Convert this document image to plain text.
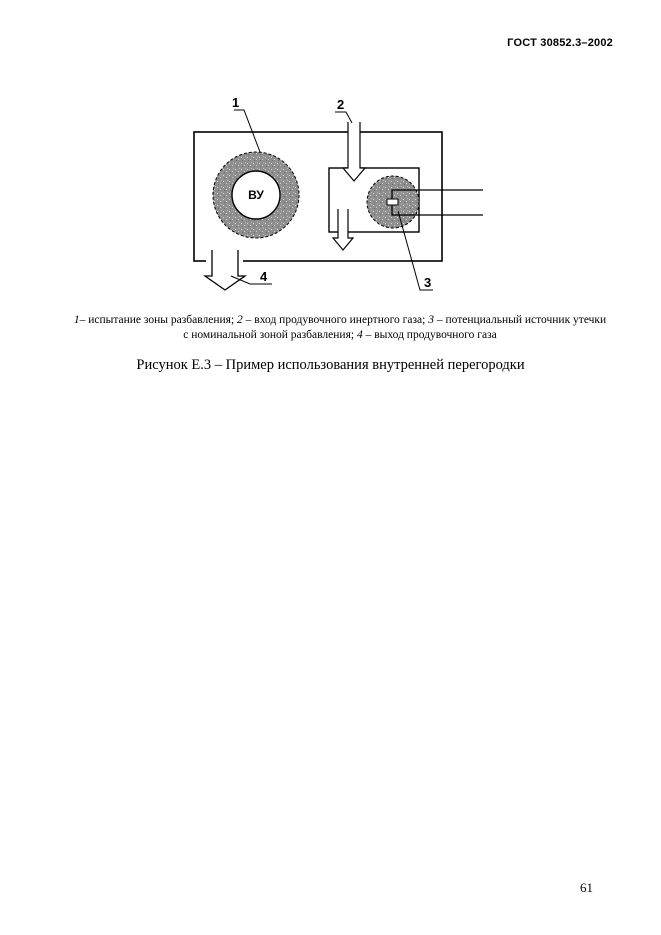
ГОСТ 30852.3–2002
ВУ
1	2
3
4
1– испытание зоны разбавления; 2 – вход продувочного инертного газа; 3 – потенциальный источник утечки с номинальной зоной разбавления; 4 – выход продувочного газа
Рисунок Е.3 – Пример использования внутренней перегородки
61
